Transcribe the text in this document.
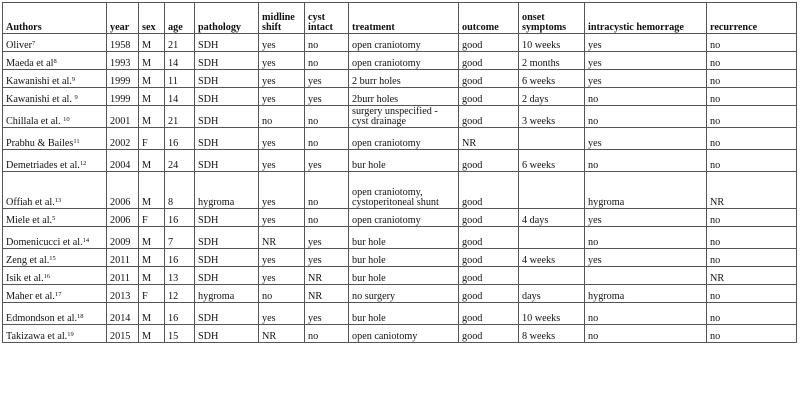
Authors	year	sex	age	pathology	midline shift	cyst intact	treatment	outcome	onset symptoms	intracystic hemorrage	recurrence
Oliver$^7$	1958	M	21	SDH	yes	no	open craniotomy	good	10 weeks	yes	no
Maeda et $al^8$	1993	M	14	SDH	yes	no	open craniotomy	good	2 months	yes	no
Kawanishi et al.$^9$	1999	M	11	SDH	yes	yes	2 burr holes	good	6 weeks	yes	no
Kawanishi et al. $^9$	1999	M	14	SDH	yes	yes	2burr holes	good	2 days	no	no
Chillala et al. $^{10}$	2001	M	21	SDH	no	no	surgery unspecified - cyst drainage	good	3 weeks	no	no
Prabhu & Bailes$^{11}$	2002	F	16	SDH	yes	no	open craniotomy	NR		yes	no
Demetriades et al.$^{12}$	2004	M	24	SDH	yes	yes	bur hole	good	6 weeks	no	no
Offiah et al.$^{13}$	2006	M	8	hygroma	yes	no	open craniotomy, cystoperitoneal shunt	good		hygroma	NR
Miele et al.$^5$	2006	F	16	SDH	yes	no	open craniotomy	good	4 days	yes	no
Domenicucci et al.$^{14}$	2009	M	7	SDH	NR	yes	bur hole	good		no	no
Zeng et al.$^{15}$	2011	M	16	SDH	yes	yes	bur hole	good	4 weeks	yes	no
Isik et al.$^{16}$	2011	M	13	SDH	yes	NR	bur hole	good			NR
Maher et al.$^{17}$	2013	F	12	hygroma	no	NR	no surgery	good	days	hygroma	no
Edmondson et al.$^{18}$	2014	M	16	SDH	yes	yes	bur hole	good	10 weeks	no	no
Takizawa et al.$^{19}$	2015	M	15	SDH	NR	no	open caniotomy	good	8 weeks	no	no
